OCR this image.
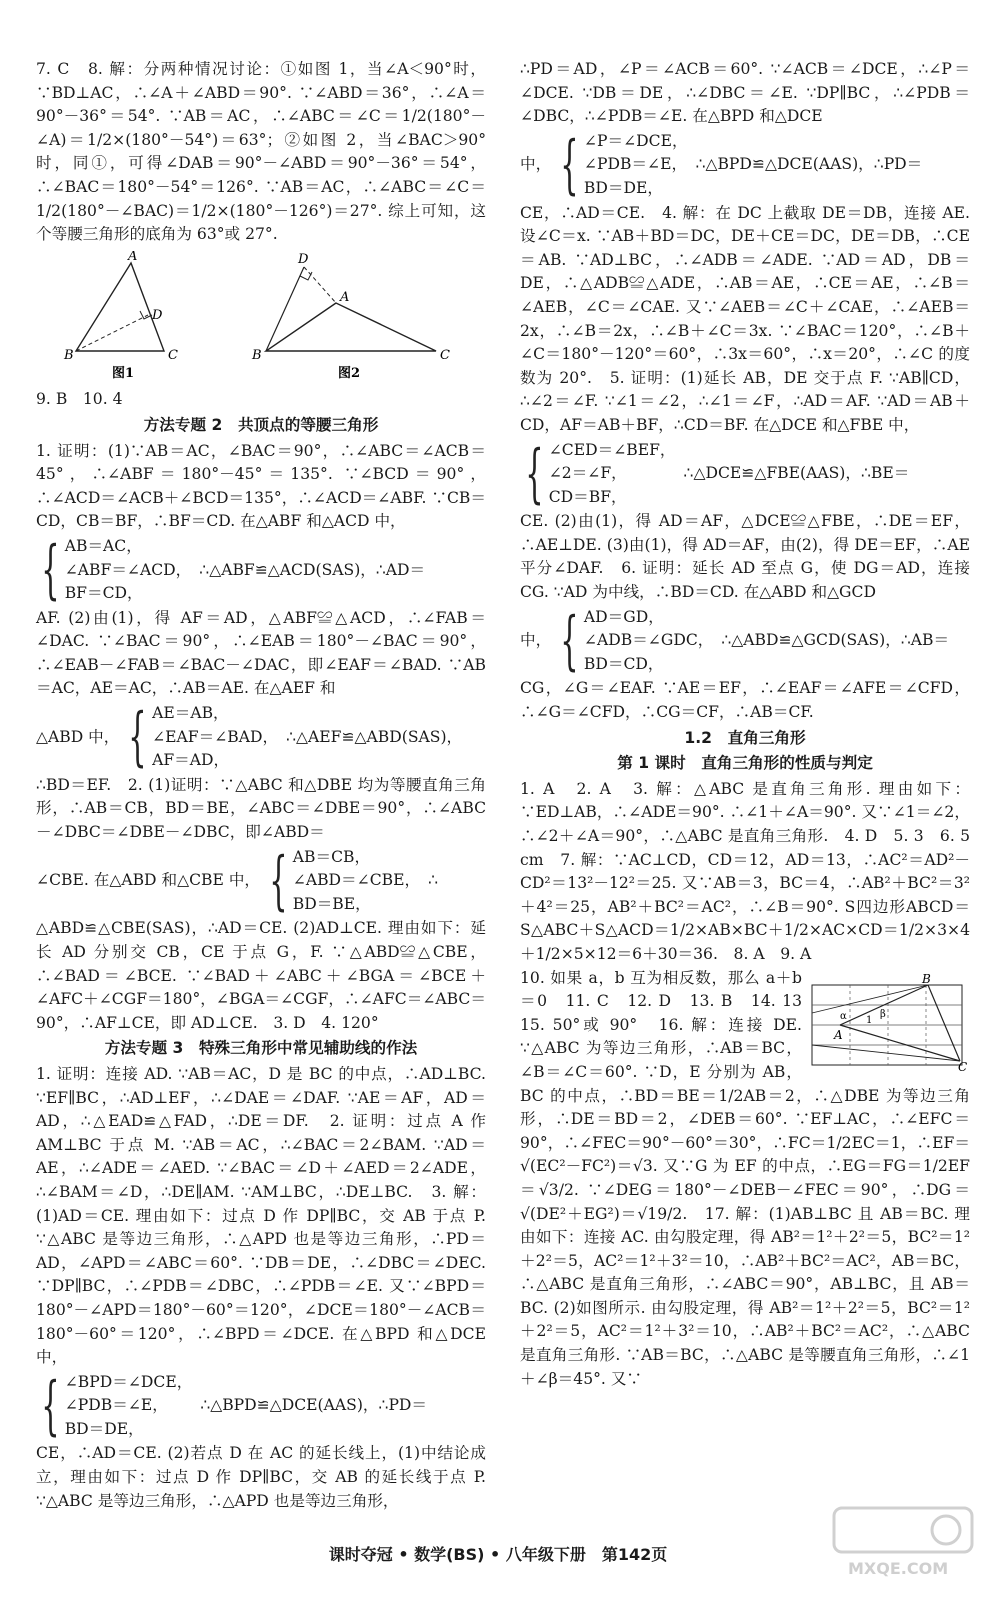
7. C　8. 解：分两种情况讨论：①如图 1，当∠A＜90°时，∵BD⊥AC，∴∠A＋∠ABD＝90°. ∵∠ABD＝36°，∴∠A＝90°－36°＝54°. ∵AB＝AC，∴∠ABC＝∠C＝1/2(180°－∠A)＝1/2×(180°－54°)＝63°；②如图 2，当∠BAC＞90°时，同①，可得∠DAB＝90°－∠ABD＝90°－36°＝54°，∴∠BAC＝180°－54°＝126°. ∵AB＝AC，∴∠ABC＝∠C＝1/2(180°－∠BAC)＝1/2×(180°－126°)＝27°. 综上可知，这个等腰三角形的底角为 63°或 27°.

A
B	C
D
图1
D
A
B	C
图2

9. B　10. 4

方法专题 2　共顶点的等腰三角形

1. 证明：(1)∵AB＝AC，∠BAC＝90°，∴∠ABC＝∠ACB＝45°，∴∠ABF＝180°－45°＝135°. ∵∠BCD＝90°，∴∠ACD＝∠ACB＋∠BCD＝135°，∴∠ACD＝∠ABF. ∵CB＝CD，CB＝BF，∴BF＝CD. 在△ABF 和△ACD 中，

{ AB＝AC，
∠ABF＝∠ACD，
BF＝CD，
∴△ABF≌△ACD(SAS)，∴AD＝

AF. (2)由(1)，得 AF＝AD，△ABF≌△ACD，∴∠FAB＝∠DAC. ∵∠BAC＝90°，∴∠EAB＝180°－∠BAC＝90°，∴∠EAB－∠FAB＝∠BAC－∠DAC，即∠EAF＝∠BAD. ∵AB＝AC，AE＝AC，∴AB＝AE. 在△AEF 和

△ABD 中， { AE＝AB，
∠EAF＝∠BAD，
AF＝AD，
∴△AEF≌△ABD(SAS)，

∴BD＝EF.　2. (1)证明：∵△ABC 和△DBE 均为等腰直角三角形，∴AB＝CB，BD＝BE，∠ABC＝∠DBE＝90°，∴∠ABC－∠DBC＝∠DBE－∠DBC，即∠ABD＝

∠CBE. 在△ABD 和△CBE 中， { AB＝CB，
∠ABD＝∠CBE，
BD＝BE，
∴

△ABD≌△CBE(SAS)，∴AD＝CE. (2)AD⊥CE. 理由如下：延长 AD 分别交 CB，CE 于点 G，F. ∵△ABD≌△CBE，∴∠BAD＝∠BCE. ∵∠BAD＋∠ABC＋∠BGA＝∠BCE＋∠AFC＋∠CGF＝180°，∠BGA＝∠CGF，∴∠AFC＝∠ABC＝90°，∴AF⊥CE，即 AD⊥CE.　3. D　4. 120°

方法专题 3　特殊三角形中常见辅助线的作法

1. 证明：连接 AD. ∵AB＝AC，D 是 BC 的中点，∴AD⊥BC. ∵EF∥BC，∴AD⊥EF，∴∠DAE＝∠DAF. ∵AE＝AF，AD＝AD，∴△EAD≌△FAD，∴DE＝DF.　2. 证明：过点 A 作 AM⊥BC 于点 M. ∵AB＝AC，∴∠BAC＝2∠BAM. ∵AD＝AE，∴∠ADE＝∠AED. ∵∠BAC＝∠D＋∠AED＝2∠ADE，∴∠BAM＝∠D，∴DE∥AM. ∵AM⊥BC，∴DE⊥BC.　3. 解：(1)AD＝CE. 理由如下：过点 D 作 DP∥BC，交 AB 于点 P. ∵△ABC 是等边三角形，∴△APD 也是等边三角形，∴PD＝AD，∠APD＝∠ABC＝60°. ∵DB＝DE，∴∠DBC＝∠DEC. ∵DP∥BC，∴∠PDB＝∠DBC，∴∠PDB＝∠E. 又∵∠BPD＝180°－∠APD＝180°－60°＝120°，∠DCE＝180°－∠ACB＝180°－60°＝120°，∴∠BPD＝∠DCE. 在△BPD 和△DCE 中，

{ ∠BPD＝∠DCE，
∠PDB＝∠E，
BD＝DE，
∴△BPD≌△DCE(AAS)，∴PD＝

CE，∴AD＝CE. (2)若点 D 在 AC 的延长线上，(1)中结论成立，理由如下：过点 D 作 DP∥BC，交 AB 的延长线于点 P. ∵△ABC 是等边三角形，∴△APD 也是等边三角形，

∴PD＝AD，∠P＝∠ACB＝60°. ∵∠ACB＝∠DCE，∴∠P＝∠DCE. ∵DB＝DE，∴∠DBC＝∠E. ∵DP∥BC，∴∠PDB＝∠DBC，∴∠PDB＝∠E. 在△BPD 和△DCE

中， { ∠P＝∠DCE，
∠PDB＝∠E，
BD＝DE，
∴△BPD≌△DCE(AAS)，∴PD＝

CE，∴AD＝CE.　4. 解：在 DC 上截取 DE＝DB，连接 AE. 设∠C＝x. ∵AB＋BD＝DC，DE＋CE＝DC，DE＝DB，∴CE＝AB. ∵AD⊥BC，∴∠ADB＝∠ADE. ∵AD＝AD，DB＝DE，∴△ADB≌△ADE，∴AB＝AE，∴CE＝AE，∴∠B＝∠AEB，∠C＝∠CAE. 又∵∠AEB＝∠C＋∠CAE，∴∠AEB＝2x，∴∠B＝2x，∴∠B＋∠C＝3x. ∵∠BAC＝120°，∴∠B＋∠C＝180°－120°＝60°，∴3x＝60°，∴x＝20°，∴∠C 的度数为 20°.　5. 证明：(1)延长 AB，DE 交于点 F. ∵AB∥CD，∴∠2＝∠F. ∵∠1＝∠2，∴∠1＝∠F，∴AD＝AF. ∵AD＝AB＋CD，AF＝AB＋BF，∴CD＝BF. 在△DCE 和△FBE 中，

{ ∠CED＝∠BEF，
∠2＝∠F，
CD＝BF，
∴△DCE≌△FBE(AAS)，∴BE＝

CE. (2)由(1)，得 AD＝AF，△DCE≌△FBE，∴DE＝EF，∴AE⊥DE. (3)由(1)，得 AD＝AF，由(2)，得 DE＝EF，∴AE 平分∠DAF.　6. 证明：延长 AD 至点 G，使 DG＝AD，连接 CG. ∵AD 为中线，∴BD＝CD. 在△ABD 和△GCD

中， { AD＝GD，
∠ADB＝∠GDC，
BD＝CD，
∴△ABD≌△GCD(SAS)，∴AB＝

CG，∠G＝∠EAF. ∵AE＝EF，∴∠EAF＝∠AFE＝∠CFD，∴∠G＝∠CFD，∴CG＝CF，∴AB＝CF.

1.2　直角三角形
第 1 课时　直角三角形的性质与判定

1. A　2. A　3. 解：△ABC 是直角三角形. 理由如下：∵ED⊥AB，∴∠ADE＝90°. ∴∠1＋∠A＝90°. 又∵∠1＝∠2，∴∠2＋∠A＝90°，∴△ABC 是直角三角形.　4. D　5. 3　6. 5 cm　7. 解：∵AC⊥CD，CD＝12，AD＝13，∴AC²＝AD²－CD²＝13²－12²＝25. 又∵AB＝3，BC＝4，∴AB²＋BC²＝3²＋4²＝25，AB²＋BC²＝AC²，∴∠B＝90°. S四边形ABCD＝S△ABC＋S△ACD＝1/2×AB×BC＋1/2×AC×CD＝1/2×3×4＋1/2×5×12＝6＋30＝36.　8. A　9. A

B
A
C
α	β
1

10. 如果 a，b 互为相反数，那么 a＋b＝0　11. C　12. D　13. B　14. 13　15. 50°或 90°　16. 解：连接 DE. ∵△ABC 为等边三角形，∴AB＝BC，∠B＝∠C＝60°. ∵D，E 分别为 AB，BC 的中点，∴BD＝BE＝1/2AB＝2，∴△DBE 为等边三角形，∴DE＝BD＝2，∠DEB＝60°. ∵EF⊥AC，∴∠EFC＝90°，∴∠FEC＝90°－60°＝30°，∴FC＝1/2EC＝1，∴EF＝√(EC²－FC²)＝√3. 又∵G 为 EF 的中点，∴EG＝FG＝1/2EF＝√3/2. ∵∠DEG＝180°－∠DEB－∠FEC＝90°，∴DG＝√(DE²＋EG²)＝√19/2.　17. 解：(1)AB⊥BC 且 AB＝BC. 理由如下：连接 AC. 由勾股定理，得 AB²＝1²＋2²＝5，BC²＝1²＋2²＝5，AC²＝1²＋3²＝10，∴AB²＋BC²＝AC²，AB＝BC，∴△ABC 是直角三角形，∴∠ABC＝90°，AB⊥BC，且 AB＝BC. (2)如图所示. 由勾股定理，得 AB²＝1²＋2²＝5，BC²＝1²＋2²＝5，AC²＝1²＋3²＝10，∴AB²＋BC²＝AC²，∴△ABC 是直角三角形. ∵AB＝BC，∴△ABC 是等腰直角三角形，∴∠1＋∠β＝45°. 又∵

课时夺冠 • 数学(BS) • 八年级下册　第142页
MXQE.COM
